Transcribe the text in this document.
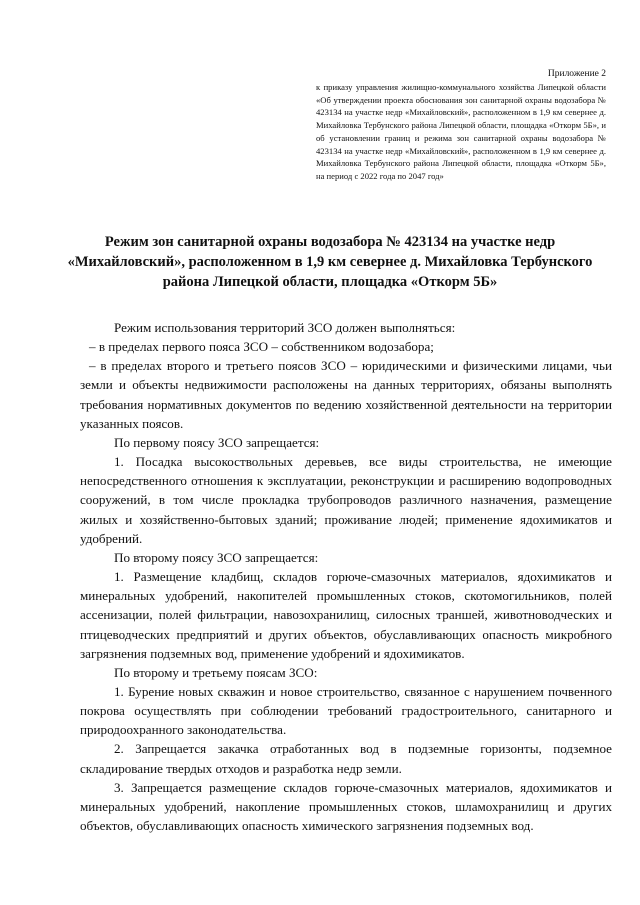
Приложение 2
к приказу управления жилищно-коммунального хозяйства Липецкой области «Об утверждении проекта обоснования зон санитарной охраны водозабора № 423134 на участке недр «Михайловский», расположенном в 1,9 км севернее д. Михайловка Тербунского района Липецкой области, площадка «Откорм 5Б», и об установлении границ и режима зон санитарной охраны водозабора № 423134 на участке недр «Михайловский», расположенном в 1,9 км севернее д. Михайловка Тербунского района Липецкой области, площадка «Откорм 5Б», на период с 2022 года по 2047 год»
Режим зон санитарной охраны водозабора № 423134 на участке недр «Михайловский», расположенном в 1,9 км севернее д. Михайловка Тербунского района Липецкой области, площадка «Откорм 5Б»

Режим использования территорий ЗСО должен выполняться:

– в пределах первого пояса ЗСО – собственником водозабора;

– в пределах второго и третьего поясов ЗСО – юридическими и физическими лицами, чьи земли и объекты недвижимости расположены на данных территориях, обязаны выполнять требования нормативных документов по ведению хозяйственной деятельности на территории указанных поясов.

По первому поясу ЗСО запрещается:

1. Посадка высокоствольных деревьев, все виды строительства, не имеющие непосредственного отношения к эксплуатации, реконструкции и расширению водопроводных сооружений, в том числе прокладка трубопроводов различного назначения, размещение жилых и хозяйственно-бытовых зданий; проживание людей; применение ядохимикатов и удобрений.

По второму поясу ЗСО запрещается:

1. Размещение кладбищ, складов горюче-смазочных материалов, ядохимикатов и минеральных удобрений, накопителей промышленных стоков, скотомогильников, полей ассенизации, полей фильтрации, навозохранилищ, силосных траншей, животноводческих и птицеводческих предприятий и других объектов, обуславливающих опасность микробного загрязнения подземных вод, применение удобрений и ядохимикатов.

По второму и третьему поясам ЗСО:

1. Бурение новых скважин и новое строительство, связанное с нарушением почвенного покрова осуществлять при соблюдении требований градостроительного, санитарного и природоохранного законодательства.

2. Запрещается закачка отработанных вод в подземные горизонты, подземное складирование твердых отходов и разработка недр земли.

3. Запрещается размещение складов горюче-смазочных материалов, ядохимикатов и минеральных удобрений, накопление промышленных стоков, шламохранилищ и других объектов, обуславливающих опасность химического загрязнения подземных вод.
